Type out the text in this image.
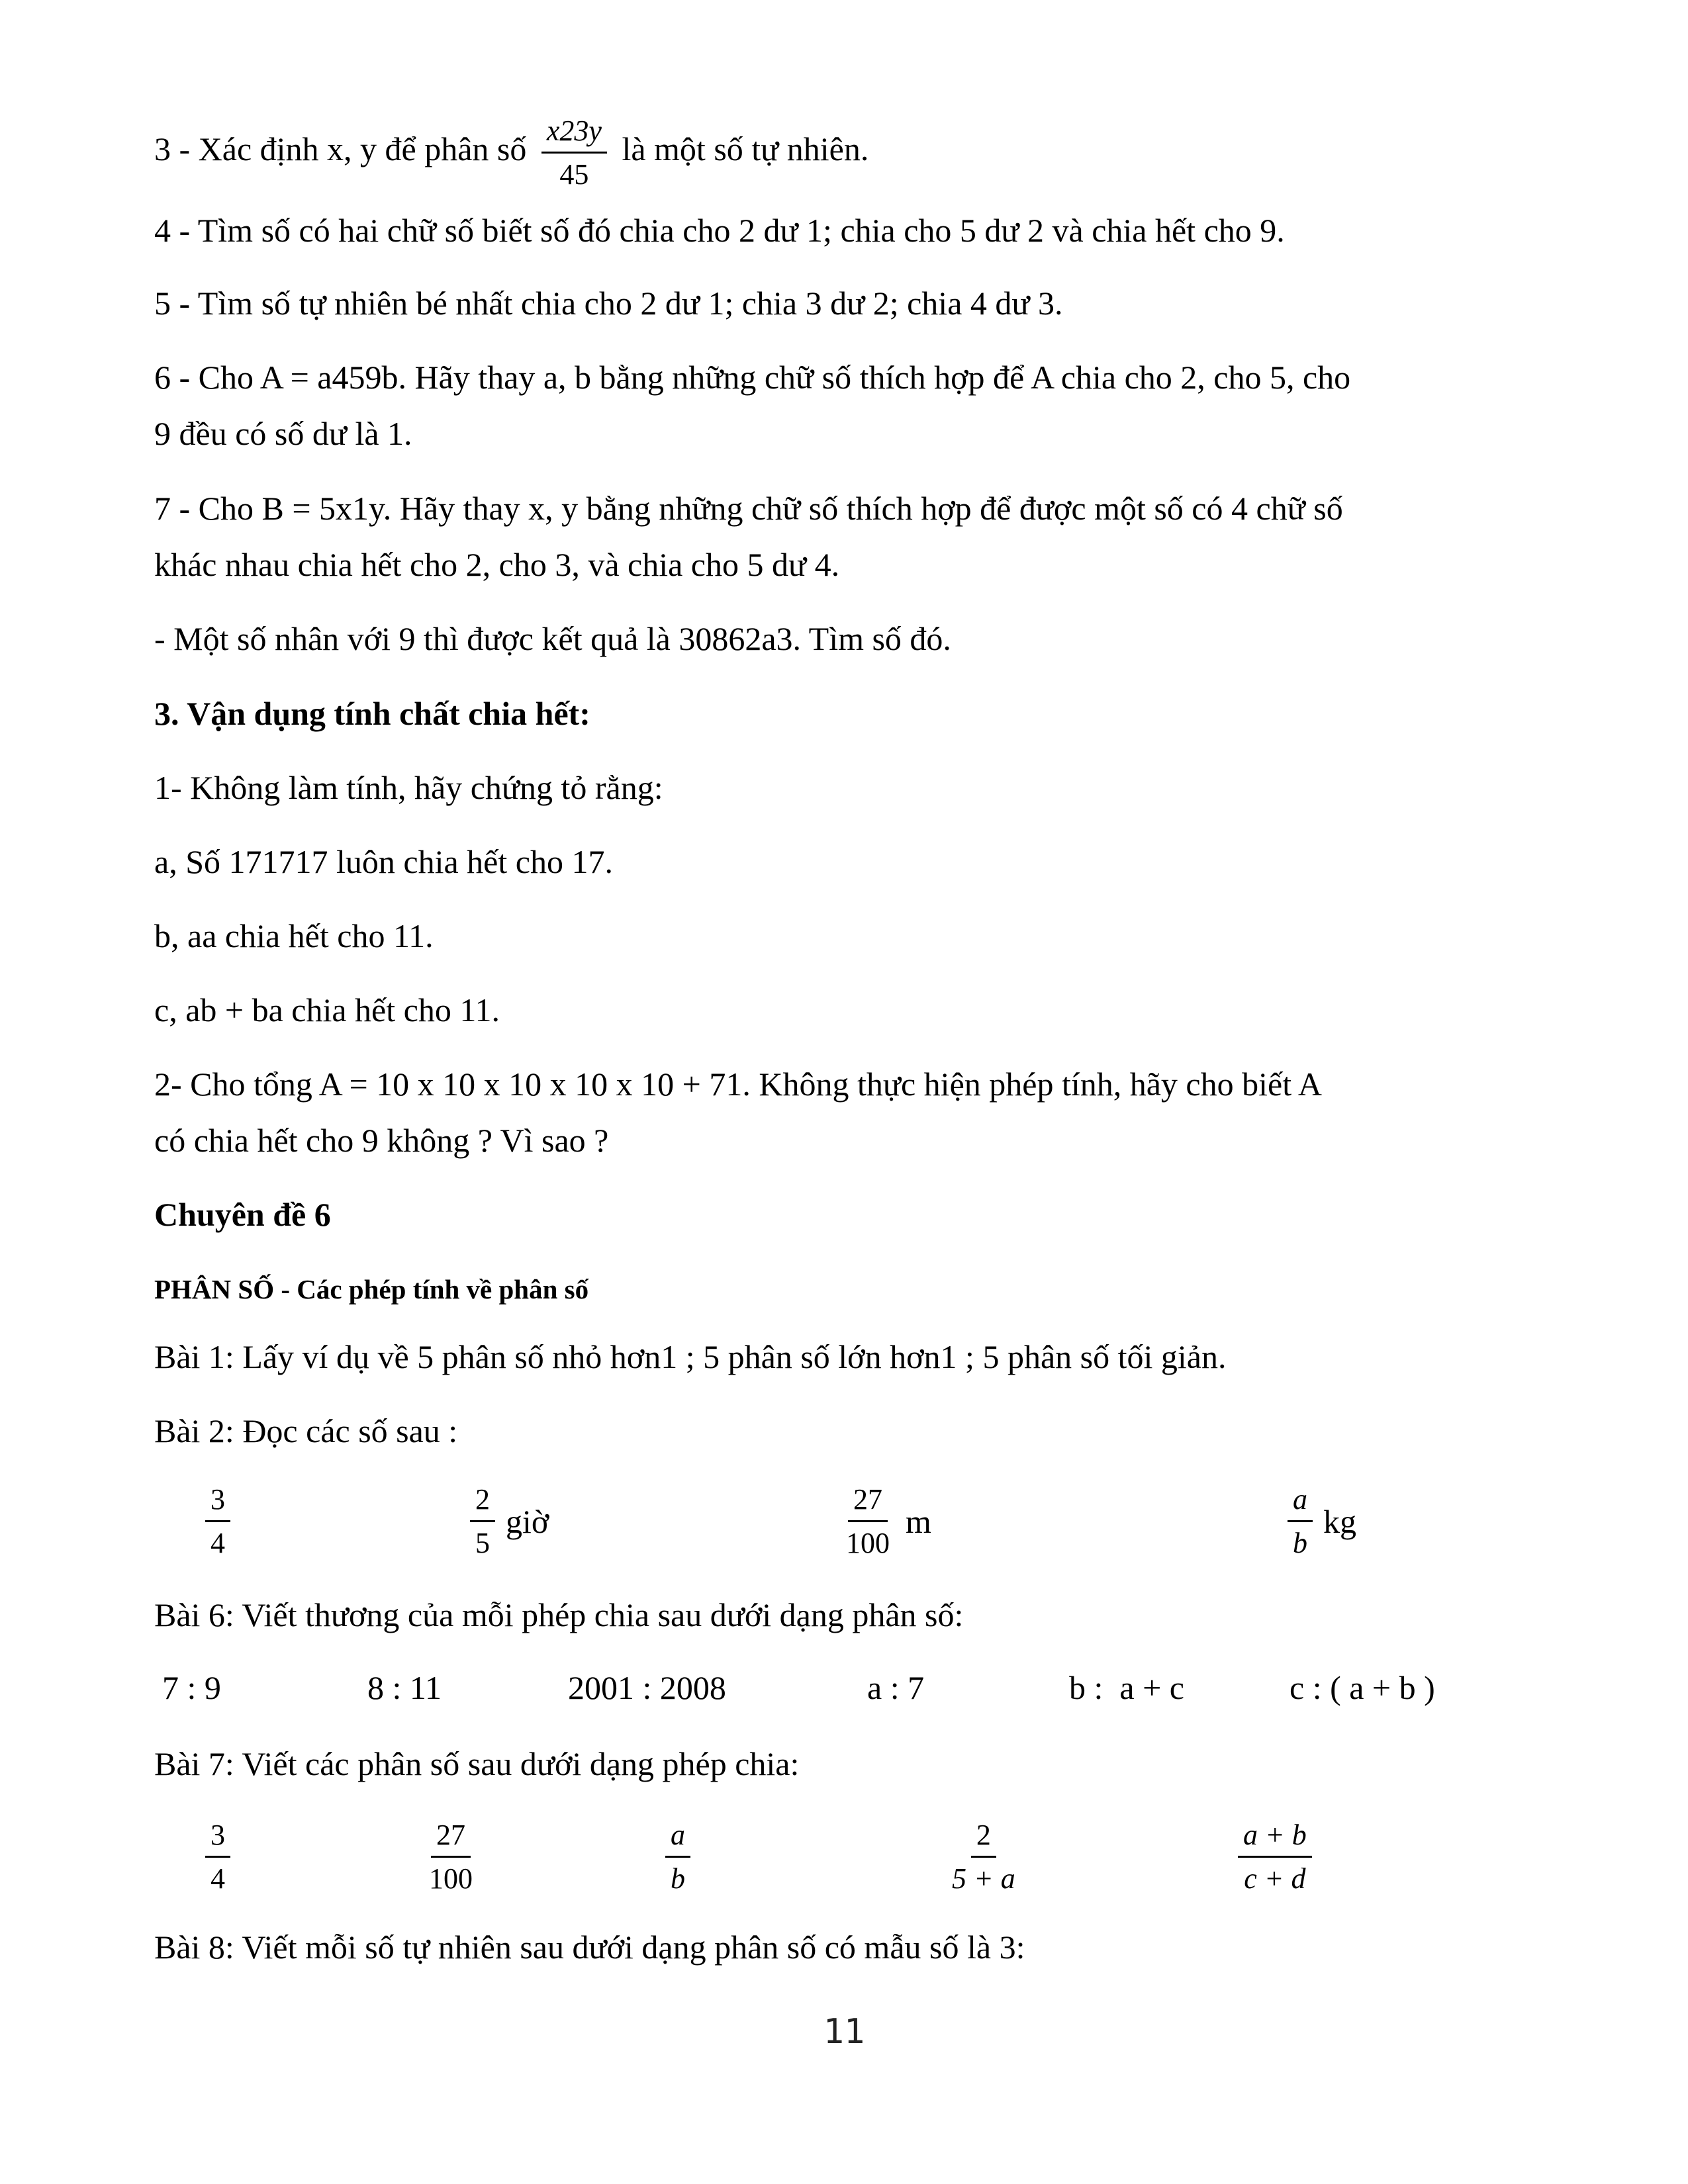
3 - Xác định x, y để phân số $\frac{x23y}{45}$ là một số tự nhiên.
4 - Tìm số có hai chữ số biết số đó chia cho 2 dư 1; chia cho 5 dư 2 và chia hết cho 9.
5 - Tìm số tự nhiên bé nhất chia cho 2 dư 1; chia 3 dư 2; chia 4 dư 3.
6 - Cho A = a459b. Hãy thay a, b bằng những chữ số thích hợp để A chia cho 2, cho 5, cho
9 đều có số dư là 1.
7 - Cho B = 5x1y. Hãy thay x, y bằng những chữ số thích hợp để được một số có 4 chữ số
khác nhau chia hết cho 2, cho 3, và chia cho 5 dư 4.
- Một số nhân với 9 thì được kết quả là 30862a3. Tìm số đó.
3. Vận dụng tính chất chia hết:
1- Không làm tính, hãy chứng tỏ rằng:
a, Số 171717 luôn chia hết cho 17.
b, aa chia hết cho 11.
c, ab + ba chia hết cho 11.
2- Cho tổng A = 10 x 10 x 10 x 10 x 10 + 71. Không thực hiện phép tính, hãy cho biết A
có chia hết cho 9 không ? Vì sao ?
Chuyên đề 6
PHÂN SỐ - Các phép tính về phân số
Bài 1: Lấy ví dụ về 5 phân số nhỏ hơn1 ; 5 phân số lớn hơn1 ; 5 phân số tối giản.
Bài 2: Đọc các số sau :
$\frac{3}{4}$	$\frac{2}{5}$ giờ	$\frac{27}{100}$ m	$\frac{a}{b}$ kg
Bài 6: Viết thương của mỗi phép chia sau dưới dạng phân số:
7 : 9	8 : 11	2001 : 2008	a : 7	b :  a + c	c : ( a + b )
Bài 7: Viết các phân số sau dưới dạng phép chia:
$\frac{3}{4}$	$\frac{27}{100}$	$\frac{a}{b}$	$\frac{2}{5 + a}$	$\frac{a + b}{c + d}$
Bài 8: Viết mỗi số tự nhiên sau dưới dạng phân số có mẫu số là 3:
11
